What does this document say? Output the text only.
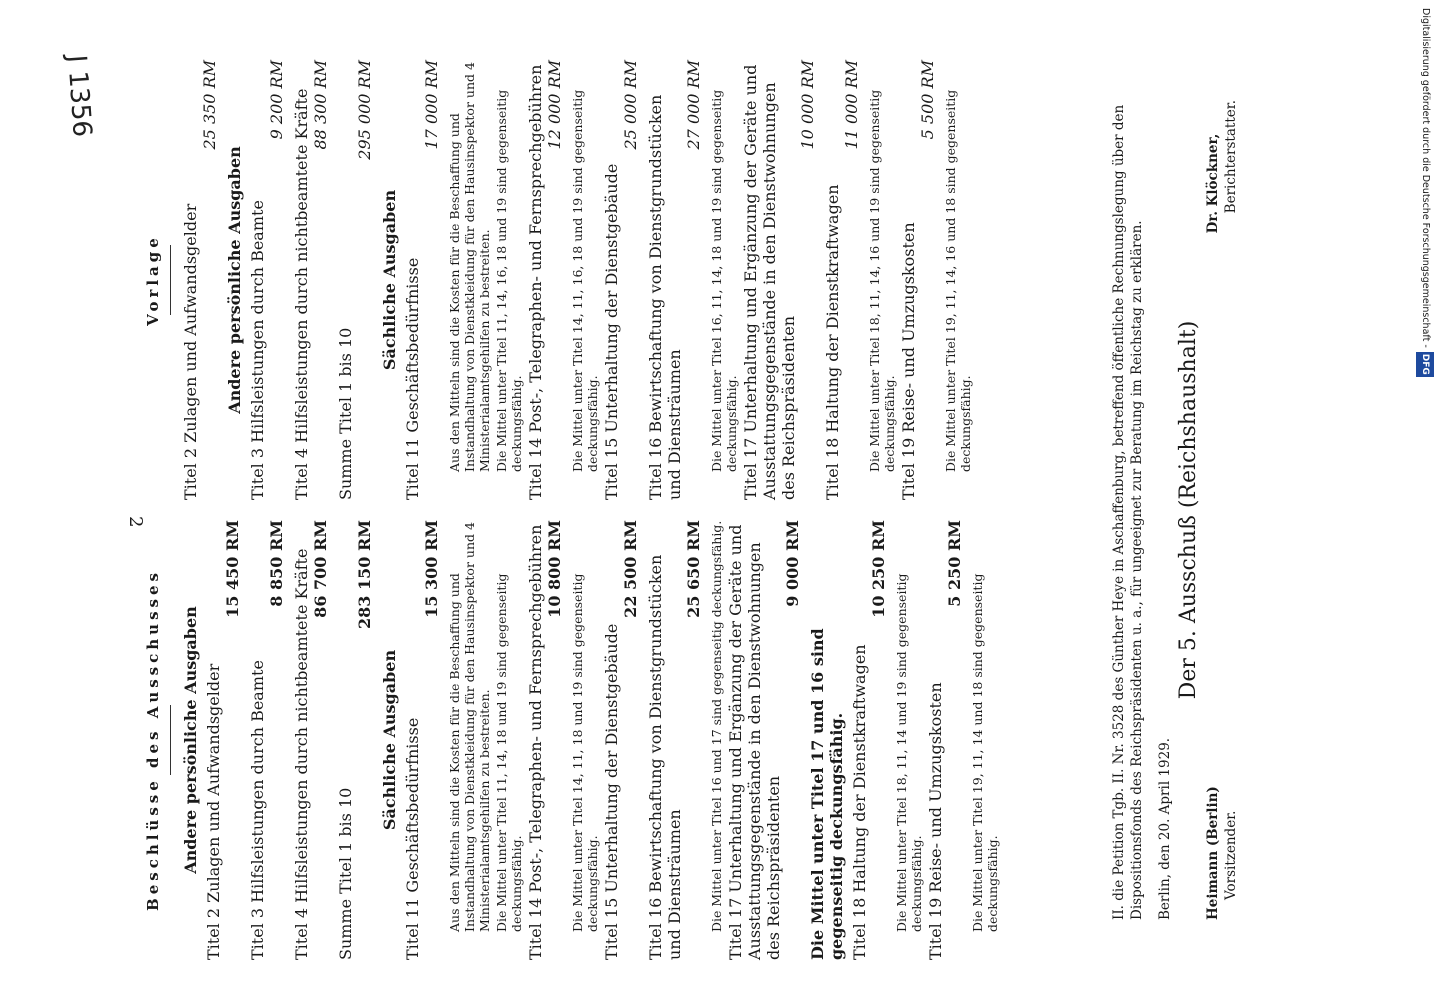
2
J 1356
Vorlage Titel 2 Zulagen und Aufwandsgelder
25 350 RM
Andere persönliche Ausgaben Titel 3 Hilfsleistungen durch Beamte
9 200 RM Titel 4 Hilfsleistungen durch nichtbeamtete Kräfte 88 300 RM
Summe Titel 1 bis 10
295 000 RM
Sächliche Ausgaben Titel 11 Geschäftsbedürfnisse
17 000 RM
Aus den Mitteln sind die Kosten für die Beschaffung und Instandhaltung von Dienstkleidung für den Hausinspektor und 4 Ministerialamtsgehilfen zu bestreiten. Die Mittel unter Titel 11, 14, 16, 18 und 19 sind gegenseitig deckungsfähig. Titel 14 Post-, Telegraphen- und Fernsprechgebühren 12 000 RM Die Mittel unter Titel 14, 11, 16, 18 und 19 sind gegenseitig deckungsfähig. Titel 15 Unterhaltung der Dienstgebäude
25 000 RM Titel 16 Bewirtschaftung von Dienstgrundstücken und Diensträumen
27 000 RM Die Mittel unter Titel 16, 11, 14, 18 und 19 sind gegenseitig deckungsfähig. Titel 17 Unterhaltung und Ergänzung der Geräte und Ausstattungsgegenstände in den Dienstwohnungen des Reichspräsidenten
10 000 RM
Titel 18 Haltung der Dienstkraftwagen
11 000 RM Die Mittel unter Titel 18, 11, 14, 16 und 19 sind gegenseitig deckungsfähig. Titel 19 Reise- und Umzugskosten
5 500 RM Die Mittel unter Titel 19, 11, 14, 16 und 18 sind gegenseitig deckungsfähig.
Beschlüsse des Ausschusses Andere persönliche Ausgaben Titel 2 Zulagen und Aufwandsgelder
15 450 RM
Titel 3 Hilfsleistungen durch Beamte
8 850 RM Titel 4 Hilfsleistungen durch nichtbeamtete Kräfte 86 700 RM
Summe Titel 1 bis 10
283 150 RM
Sächliche Ausgaben Titel 11 Geschäftsbedürfnisse
15 300 RM
Aus den Mitteln sind die Kosten für die Beschaffung und Instandhaltung von Dienstkleidung für den Hausinspektor und 4 Ministerialamtsgehilfen zu bestreiten. Die Mittel unter Titel 11, 14, 18 und 19 sind gegenseitig deckungsfähig. Titel 14 Post-, Telegraphen- und Fernsprechgebühren 10 800 RM
Die Mittel unter Titel 14, 11, 18 und 19 sind gegenseitig deckungsfähig. Titel 15 Unterhaltung der Dienstgebäude
22 500 RM Titel 16 Bewirtschaftung von Dienstgrundstücken und Diensträumen
25 650 RM Die Mittel unter Titel 16 und 17 sind gegenseitig deckungsfähig. Titel 17 Unterhaltung und Ergänzung der Geräte und Ausstattungsgegenstände in den Dienstwohnungen des Reichspräsidenten
9 000 RM
Die Mittel unter Titel 17 und 16 sind gegenseitig deckungsfähig. Titel 18 Haltung der Dienstkraftwagen
10 250 RM
Die Mittel unter Titel 18, 11, 14 und 19 sind gegenseitig deckungsfähig. Titel 19 Reise- und Umzugskosten
5 250 RM
Die Mittel unter Titel 19, 11, 14 und 18 sind gegenseitig deckungsfähig.	II. die Petition Tgb. II. Nr. 3528 des Günther Heye in Aschaffenburg, betreffend öffentliche Rechnungslegung über den Dispositionsfonds des Reichspräsidenten u. a., für ungeeignet zur Beratung im Reichstag zu erklären. Berlin, den 20. April 1929.
Der 5. Ausschuß (Reichshaushalt)
Heimann (Berlin) Vorsitzender.
Dr. Klöckner, Berichterstatter.	Digitalisierung gefördert durch die Deutsche Forschungsgemeinschaft -DFG
